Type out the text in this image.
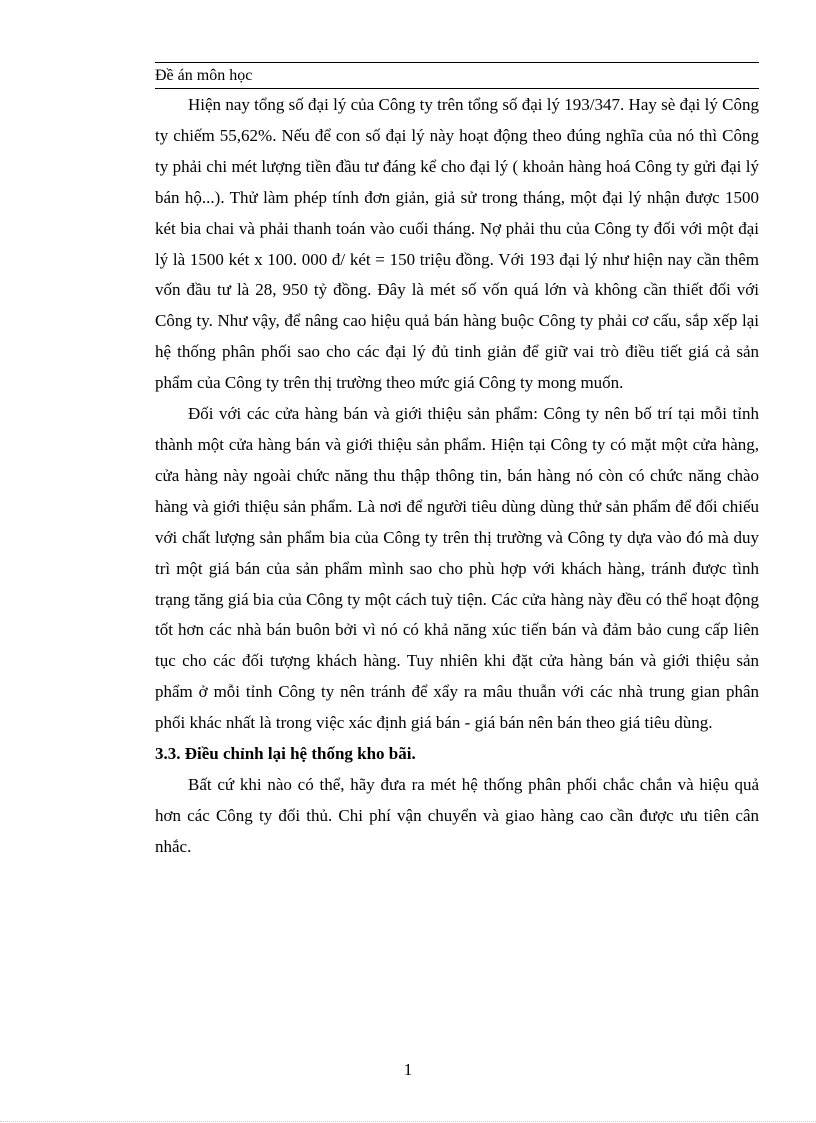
Đề án môn học

Hiện nay tổng số đại lý của Công ty trên tổng số đại lý 193/347. Hay sè đại lý Công ty chiếm 55,62%. Nếu để con số đại lý này hoạt động theo đúng nghĩa của nó thì Công ty phải chi mét lượng tiền đầu tư đáng kể cho đại lý ( khoản hàng hoá Công ty gửi đại lý bán hộ...). Thử làm phép tính đơn giản, giả sử trong tháng, một đại lý nhận được 1500 két bia chai và phải thanh toán vào cuối tháng. Nợ phải thu của Công ty đối với một đại lý là 1500 két x 100. 000 đ/ két = 150 triệu đồng. Với 193 đại lý như hiện nay cần thêm vốn đầu tư là 28, 950 tỷ đồng. Đây là mét số vốn quá lớn và không cần thiết đối với Công ty. Như vậy, để nâng cao hiệu quả bán hàng buộc Công ty phải cơ cấu, sắp xếp lại hệ thống phân phối sao cho các đại lý đủ tinh giản để giữ vai trò điều tiết giá cả sản phẩm của Công ty trên thị trường theo mức giá Công ty mong muốn.

Đối với các cửa hàng bán và giới thiệu sản phẩm: Công ty nên bố trí tại mỗi tỉnh thành một cửa hàng bán và giới thiệu sản phẩm. Hiện tại Công ty có mặt một cửa hàng, cửa hàng này ngoài chức năng thu thập thông tin, bán hàng nó còn có chức năng chào hàng và giới thiệu sản phẩm. Là nơi để người tiêu dùng dùng thử sản phẩm để đối chiếu với chất lượng sản phẩm bia của Công ty trên thị trường và Công ty dựa vào đó mà duy trì một giá bán của sản phẩm mình sao cho phù hợp với khách hàng, tránh được tình trạng tăng giá bia của Công ty một cách tuỳ tiện. Các cửa hàng này đều có thể hoạt động tốt hơn các nhà bán buôn bởi vì nó có khả năng xúc tiến bán và đảm bảo cung cấp liên tục cho các đối tượng khách hàng. Tuy nhiên khi đặt cửa hàng bán và giới thiệu sản phẩm ở mỗi tỉnh Công ty nên tránh để xẩy ra mâu thuẫn với các nhà trung gian phân phối khác nhất là trong việc xác định giá bán - giá bán nên bán theo giá tiêu dùng.

3.3. Điều chỉnh lại hệ thống kho bãi.

Bất cứ khi nào có thể, hãy đưa ra mét hệ thống phân phối chắc chắn và hiệu quả hơn các Công ty đối thủ. Chi phí vận chuyển và giao hàng cao cần được ưu tiên cân nhắc.

1
